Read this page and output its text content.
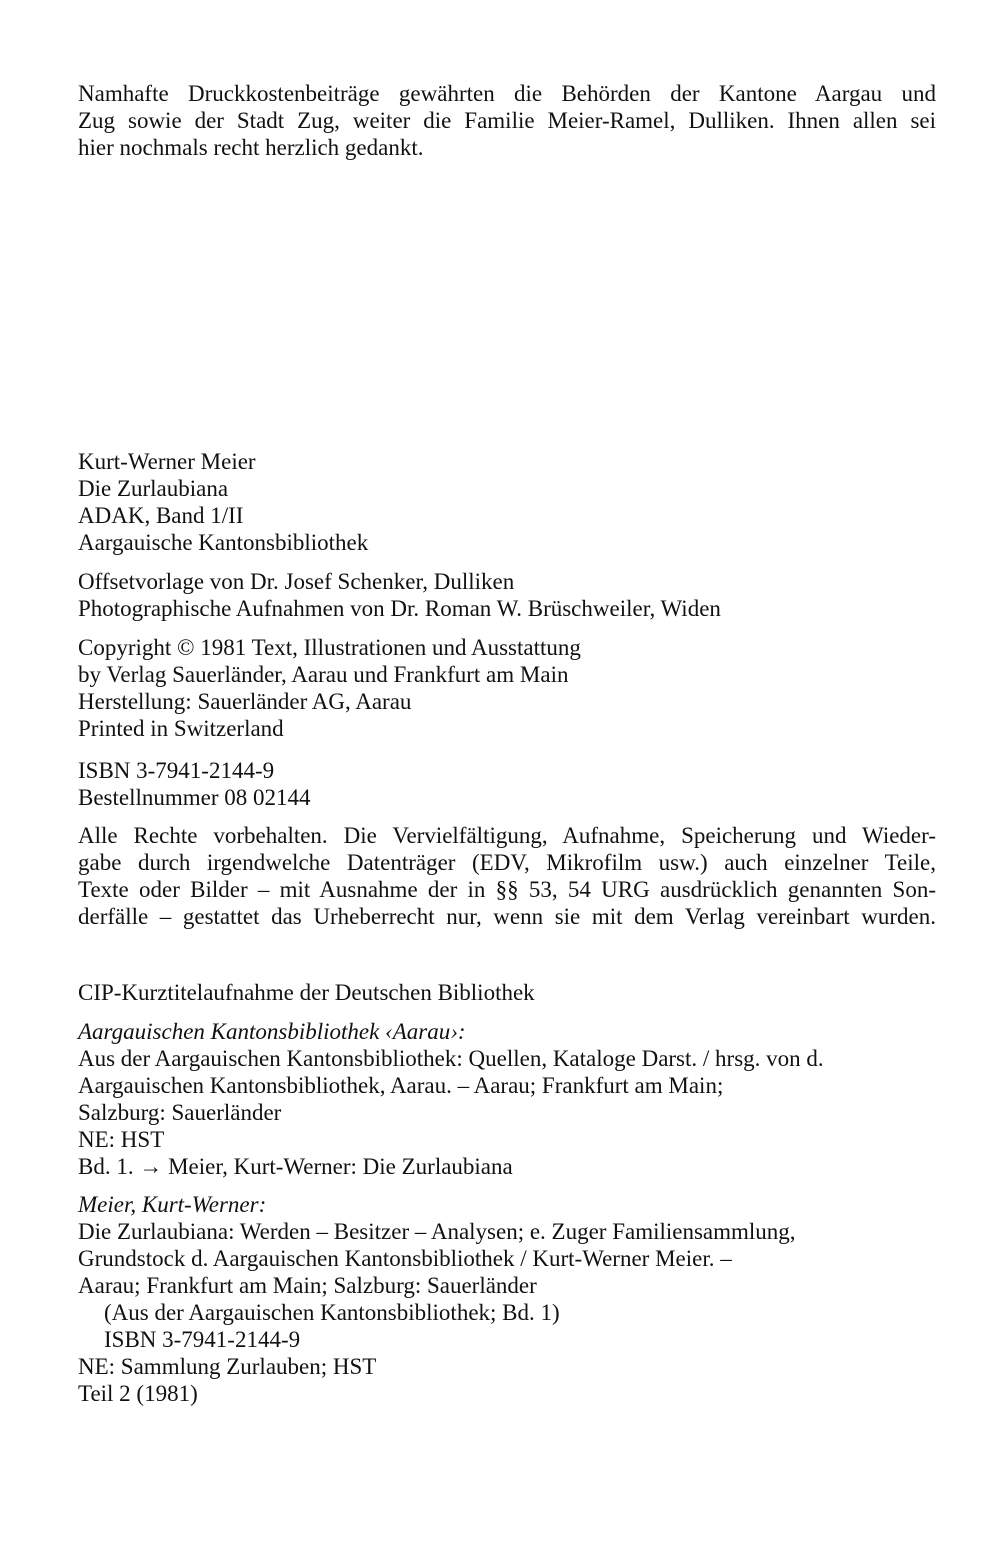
Namhafte Druckkostenbeiträge gewährten die Behörden der Kantone Aargau und
Zug sowie der Stadt Zug, weiter die Familie Meier-Ramel, Dulliken. Ihnen allen sei
hier nochmals recht herzlich gedankt.
Kurt-Werner Meier
Die Zurlaubiana
ADAK, Band 1/II
Aargauische Kantonsbibliothek
Offsetvorlage von Dr. Josef Schenker, Dulliken
Photographische Aufnahmen von Dr. Roman W. Brüschweiler, Widen
Copyright © 1981 Text, Illustrationen und Ausstattung
by Verlag Sauerländer, Aarau und Frankfurt am Main
Herstellung: Sauerländer AG, Aarau
Printed in Switzerland
ISBN 3-7941-2144-9
Bestellnummer 08 02144
Alle Rechte vorbehalten. Die Vervielfältigung, Aufnahme, Speicherung und Wieder-
gabe durch irgendwelche Datenträger (EDV, Mikrofilm usw.) auch einzelner Teile,
Texte oder Bilder – mit Ausnahme der in §§ 53, 54 URG ausdrücklich genannten Son-
derfälle – gestattet das Urheberrecht nur, wenn sie mit dem Verlag vereinbart wurden.
CIP-Kurztitelaufnahme der Deutschen Bibliothek
Aargauischen Kantonsbibliothek ‹Aarau›:
Aus der Aargauischen Kantonsbibliothek: Quellen, Kataloge Darst. / hrsg. von d.
Aargauischen Kantonsbibliothek, Aarau. – Aarau; Frankfurt am Main;
Salzburg: Sauerländer
NE: HST
Bd. 1. → Meier, Kurt-Werner: Die Zurlaubiana
Meier, Kurt-Werner:
Die Zurlaubiana: Werden – Besitzer – Analysen; e. Zuger Familiensammlung,
Grundstock d. Aargauischen Kantonsbibliothek / Kurt-Werner Meier. –
Aarau; Frankfurt am Main; Salzburg: Sauerländer
(Aus der Aargauischen Kantonsbibliothek; Bd. 1)
ISBN 3-7941-2144-9
NE: Sammlung Zurlauben; HST
Teil 2 (1981)
